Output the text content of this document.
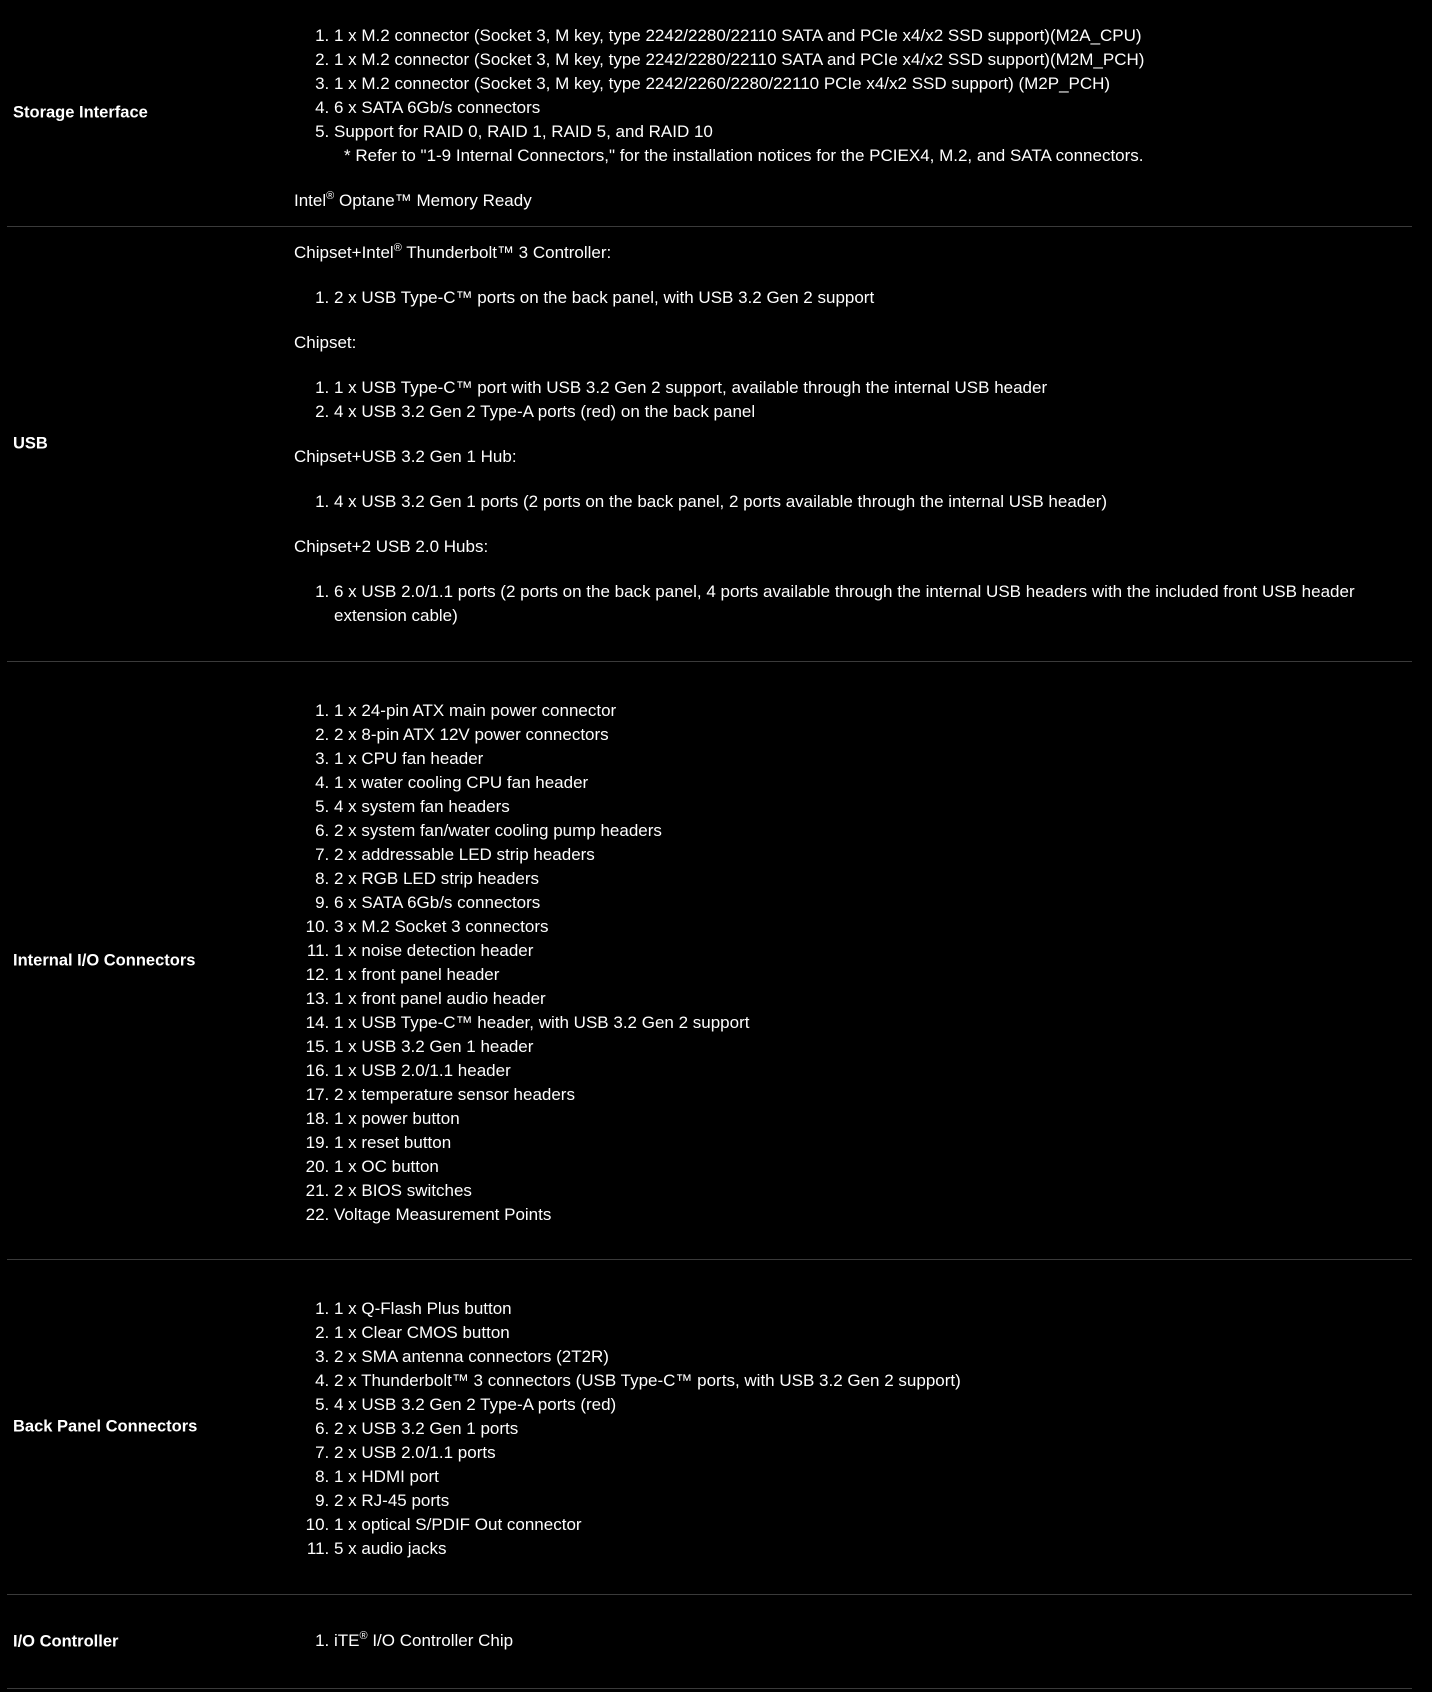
Storage Interface
1. 1 x M.2 connector (Socket 3, M key, type 2242/2280/22110 SATA and PCIe x4/x2 SSD support)(M2A_CPU)
2. 1 x M.2 connector (Socket 3, M key, type 2242/2280/22110 SATA and PCIe x4/x2 SSD support)(M2M_PCH)
3. 1 x M.2 connector (Socket 3, M key, type 2242/2260/2280/22110 PCIe x4/x2 SSD support) (M2P_PCH)
4. 6 x SATA 6Gb/s connectors
5. Support for RAID 0, RAID 1, RAID 5, and RAID 10

* Refer to "1-9 Internal Connectors," for the installation notices for the PCIEX4, M.2, and SATA connectors.

Intel® Optane™ Memory Ready

USB

Chipset+Intel® Thunderbolt™ 3 Controller:

1. 2 x USB Type-C™ ports on the back panel, with USB 3.2 Gen 2 support

Chipset:

1. 1 x USB Type-C™ port with USB 3.2 Gen 2 support, available through the internal USB header
2. 4 x USB 3.2 Gen 2 Type-A ports (red) on the back panel

Chipset+USB 3.2 Gen 1 Hub:

1. 4 x USB 3.2 Gen 1 ports (2 ports on the back panel, 2 ports available through the internal USB header)

Chipset+2 USB 2.0 Hubs:

1. 6 x USB 2.0/1.1 ports (2 ports on the back panel, 4 ports available through the internal USB headers with the included front USB header extension cable)
Internal I/O Connectors
1. 1 x 24-pin ATX main power connector
2. 2 x 8-pin ATX 12V power connectors
3. 1 x CPU fan header
4. 1 x water cooling CPU fan header
5. 4 x system fan headers
6. 2 x system fan/water cooling pump headers
7. 2 x addressable LED strip headers
8. 2 x RGB LED strip headers
9. 6 x SATA 6Gb/s connectors
10. 3 x M.2 Socket 3 connectors
11. 1 x noise detection header
12. 1 x front panel header
13. 1 x front panel audio header
14. 1 x USB Type-C™ header, with USB 3.2 Gen 2 support
15. 1 x USB 3.2 Gen 1 header
16. 1 x USB 2.0/1.1 header
17. 2 x temperature sensor headers
18. 1 x power button
19. 1 x reset button
20. 1 x OC button
21. 2 x BIOS switches
22. Voltage Measurement Points
Back Panel Connectors
1. 1 x Q-Flash Plus button
2. 1 x Clear CMOS button
3. 2 x SMA antenna connectors (2T2R)
4. 2 x Thunderbolt™ 3 connectors (USB Type-C™ ports, with USB 3.2 Gen 2 support)
5. 4 x USB 3.2 Gen 2 Type-A ports (red)
6. 2 x USB 3.2 Gen 1 ports
7. 2 x USB 2.0/1.1 ports
8. 1 x HDMI port
9. 2 x RJ-45 ports
10. 1 x optical S/PDIF Out connector
11. 5 x audio jacks
I/O Controller
1.	iTE® I/O Controller Chip
